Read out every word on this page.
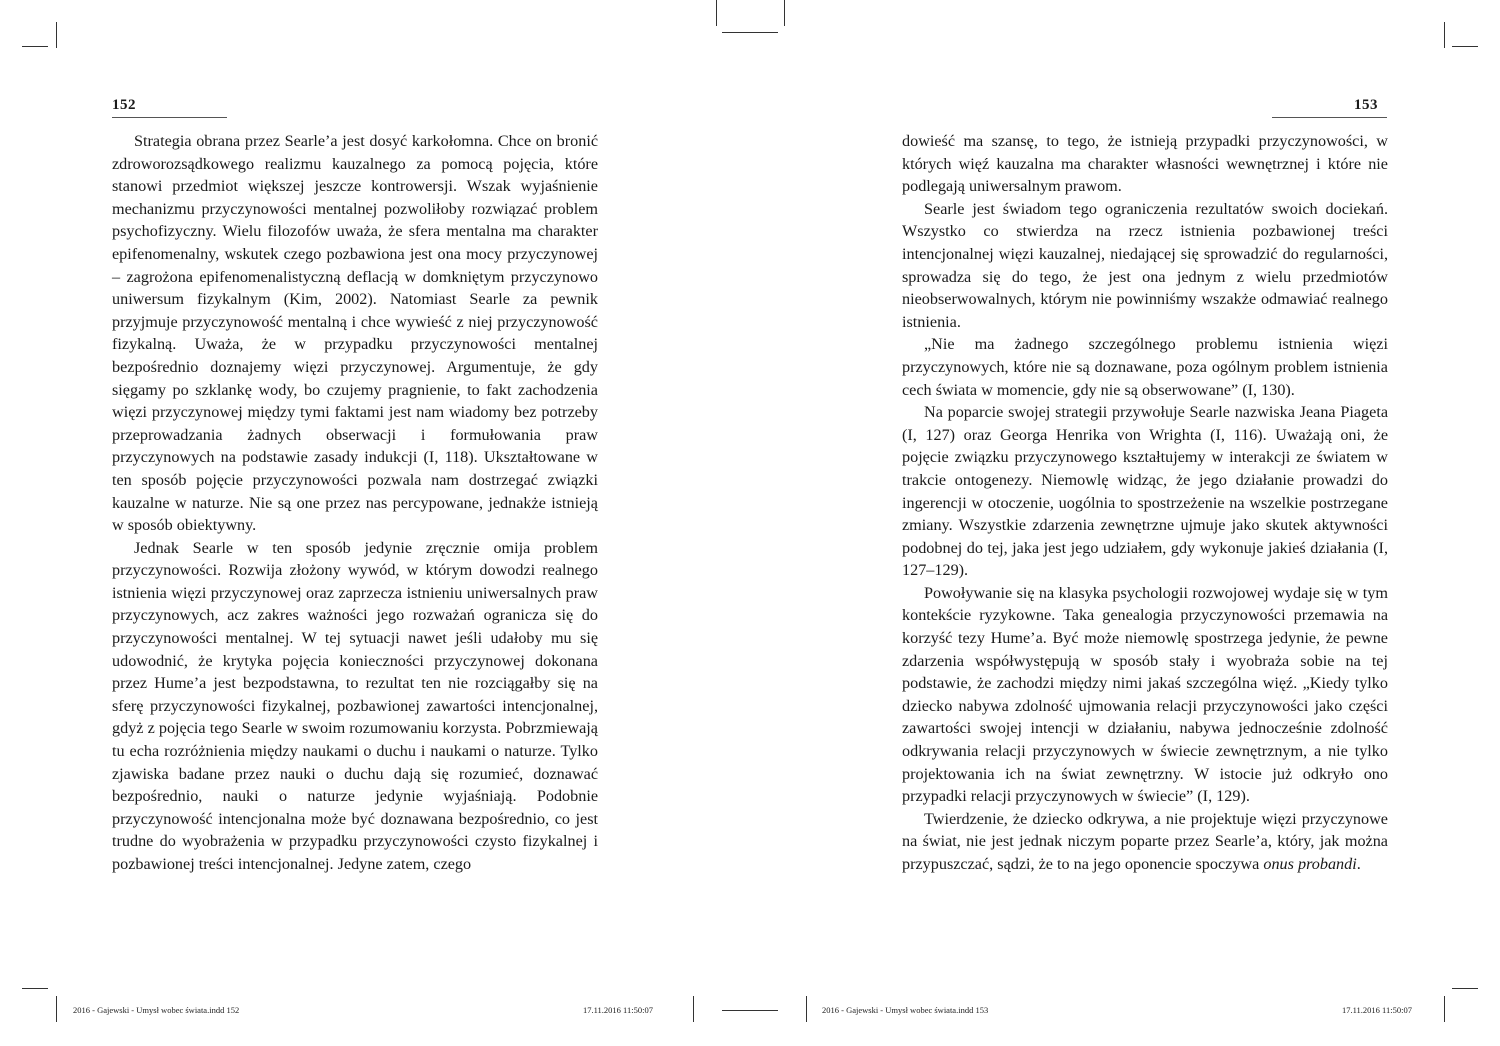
152

Strategia obrana przez Searle’a jest dosyć karkołomna. Chce on bronić zdroworozsądkowego realizmu kauzalnego za pomocą pojęcia, które stanowi przedmiot większej jeszcze kontrowersji. Wszak wyjaśnienie mechanizmu przyczynowości mentalnej pozwoliłoby rozwiązać problem psychofizyczny. Wielu filozofów uważa, że sfera mentalna ma charakter epifenomenalny, wskutek czego pozbawiona jest ona mocy przyczynowej – zagrożona epifenomenalistyczną deflacją w domkniętym przyczynowo uniwersum fizykalnym (Kim, 2002). Natomiast Searle za pewnik przyjmuje przyczynowość mentalną i chce wywieść z niej przyczynowość fizykalną. Uważa, że w przypadku przyczynowości mentalnej bezpośrednio doznajemy więzi przyczynowej. Argumentuje, że gdy sięgamy po szklankę wody, bo czujemy pragnienie, to fakt zachodzenia więzi przyczynowej między tymi faktami jest nam wiadomy bez potrzeby przeprowadzania żadnych obserwacji i formułowania praw przyczynowych na podstawie zasady indukcji (I, 118). Ukształtowane w ten sposób pojęcie przyczynowości pozwala nam dostrzegać związki kauzalne w naturze. Nie są one przez nas percypowane, jednakże istnieją w sposób obiektywny.

Jednak Searle w ten sposób jedynie zręcznie omija problem przyczynowości. Rozwija złożony wywód, w którym dowodzi realnego istnienia więzi przyczynowej oraz zaprzecza istnieniu uniwersalnych praw przyczynowych, acz zakres ważności jego rozważań ogranicza się do przyczynowości mentalnej. W tej sytuacji nawet jeśli udałoby mu się udowodnić, że krytyka pojęcia konieczności przyczynowej dokonana przez Hume’a jest bezpodstawna, to rezultat ten nie rozciągałby się na sferę przyczynowości fizykalnej, pozbawionej zawartości intencjonalnej, gdyż z pojęcia tego Searle w swoim rozumowaniu korzysta. Pobrzmiewają tu echa rozróżnienia między naukami o duchu i naukami o naturze. Tylko zjawiska badane przez nauki o duchu dają się rozumieć, doznawać bezpośrednio, nauki o naturze jedynie wyjaśniają. Podobnie przyczynowość intencjonalna może być doznawana bezpośrednio, co jest trudne do wyobrażenia w przypadku przyczynowości czysto fizykalnej i pozbawionej treści intencjonalnej. Jedyne zatem, czego

2016 - Gajewski - Umysł wobec świata.indd 152	17.11.2016 11:50:07
153

dowieść ma szansę, to tego, że istnieją przypadki przyczynowości, w których więź kauzalna ma charakter własności wewnętrznej i które nie podlegają uniwersalnym prawom.

Searle jest świadom tego ograniczenia rezultatów swoich dociekań. Wszystko co stwierdza na rzecz istnienia pozbawionej treści intencjonalnej więzi kauzalnej, niedającej się sprowadzić do regularności, sprowadza się do tego, że jest ona jednym z wielu przedmiotów nieobserwowalnych, którym nie powinniśmy wszakże odmawiać realnego istnienia.

„Nie ma żadnego szczególnego problemu istnienia więzi przyczynowych, które nie są doznawane, poza ogólnym problem istnienia cech świata w momencie, gdy nie są obserwowane” (I, 130).

Na poparcie swojej strategii przywołuje Searle nazwiska Jeana Piageta (I, 127) oraz Georga Henrika von Wrighta (I, 116). Uważają oni, że pojęcie związku przyczynowego kształtujemy w interakcji ze światem w trakcie ontogenezy. Niemowlę widząc, że jego działanie prowadzi do ingerencji w otoczenie, uogólnia to spostrzeżenie na wszelkie postrzegane zmiany. Wszystkie zdarzenia zewnętrzne ujmuje jako skutek aktywności podobnej do tej, jaka jest jego udziałem, gdy wykonuje jakieś działania (I, 127–129).

Powoływanie się na klasyka psychologii rozwojowej wydaje się w tym kontekście ryzykowne. Taka genealogia przyczynowości przemawia na korzyść tezy Hume’a. Być może niemowlę spostrzega jedynie, że pewne zdarzenia współwystępują w sposób stały i wyobraża sobie na tej podstawie, że zachodzi między nimi jakaś szczególna więź. „Kiedy tylko dziecko nabywa zdolność ujmowania relacji przyczynowości jako części zawartości swojej intencji w działaniu, nabywa jednocześnie zdolność odkrywania relacji przyczynowych w świecie zewnętrznym, a nie tylko projektowania ich na świat zewnętrzny. W istocie już odkryło ono przypadki relacji przyczynowych w świecie” (I, 129).

Twierdzenie, że dziecko odkrywa, a nie projektuje więzi przyczynowe na świat, nie jest jednak niczym poparte przez Searle’a, który, jak można przypuszczać, sądzi, że to na jego oponencie spoczywa onus probandi.

2016 - Gajewski - Umysł wobec świata.indd 153	17.11.2016 11:50:07
